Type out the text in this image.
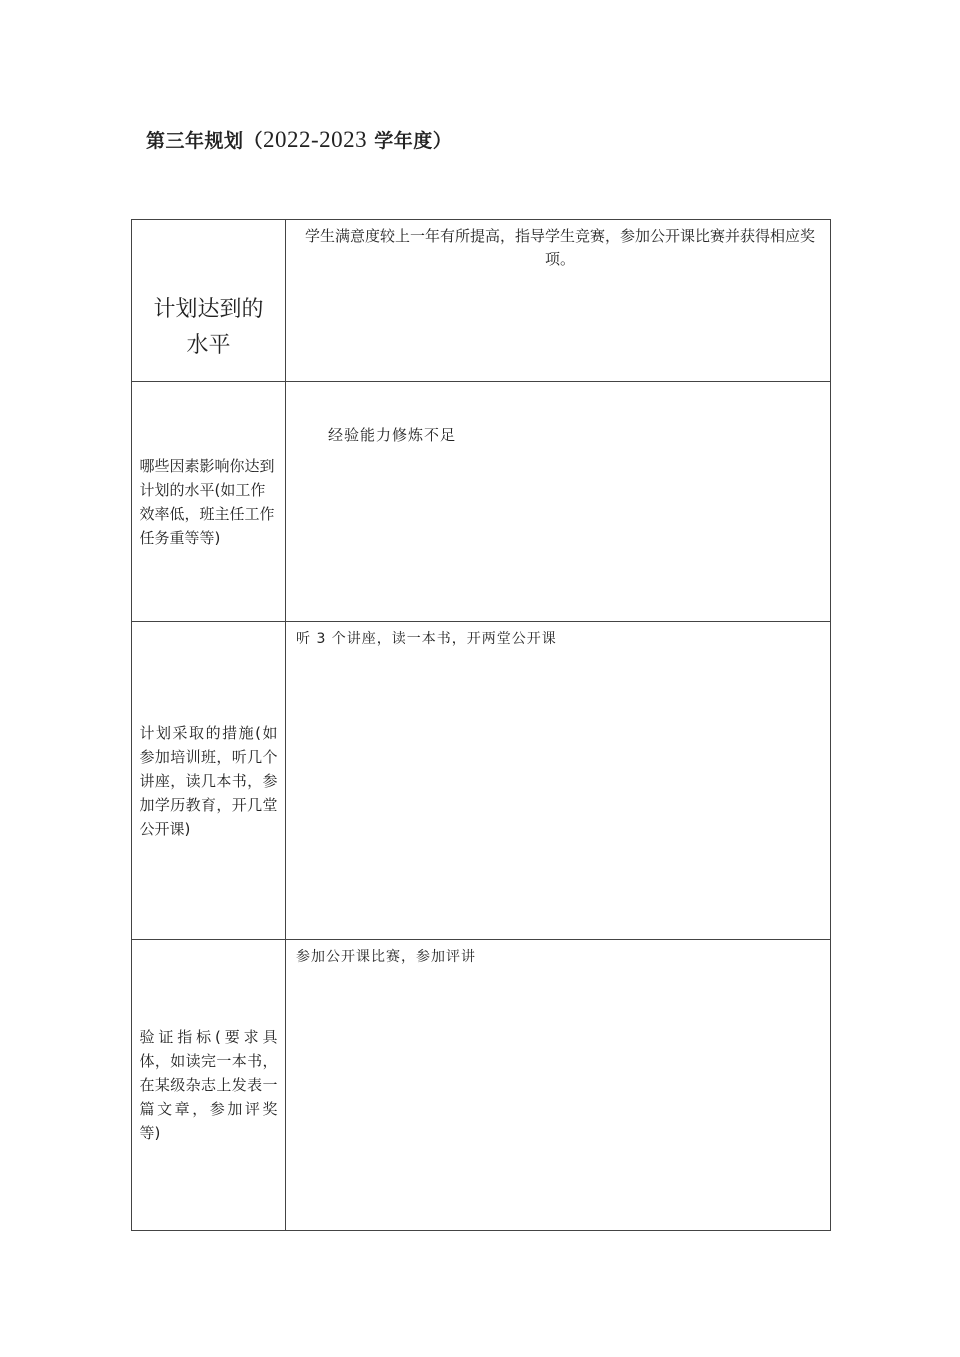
第三年规划（2022-2023 学年度）
计划达到的水平	学生满意度较上一年有所提高，指导学生竞赛，参加公开课比赛并获得相应奖项。

哪些因素影响你达到计划的水平(如工作效率低，班主任工作任务重等等)	经验能力修炼不足

计划采取的措施(如参加培训班，听几个讲座，读几本书，参加学历教育，开几堂公开课)	听 3 个讲座，读一本书，开两堂公开课

验证指标(要求具体，如读完一本书，在某级杂志上发表一篇文章，参加评奖等)	参加公开课比赛，参加评讲
